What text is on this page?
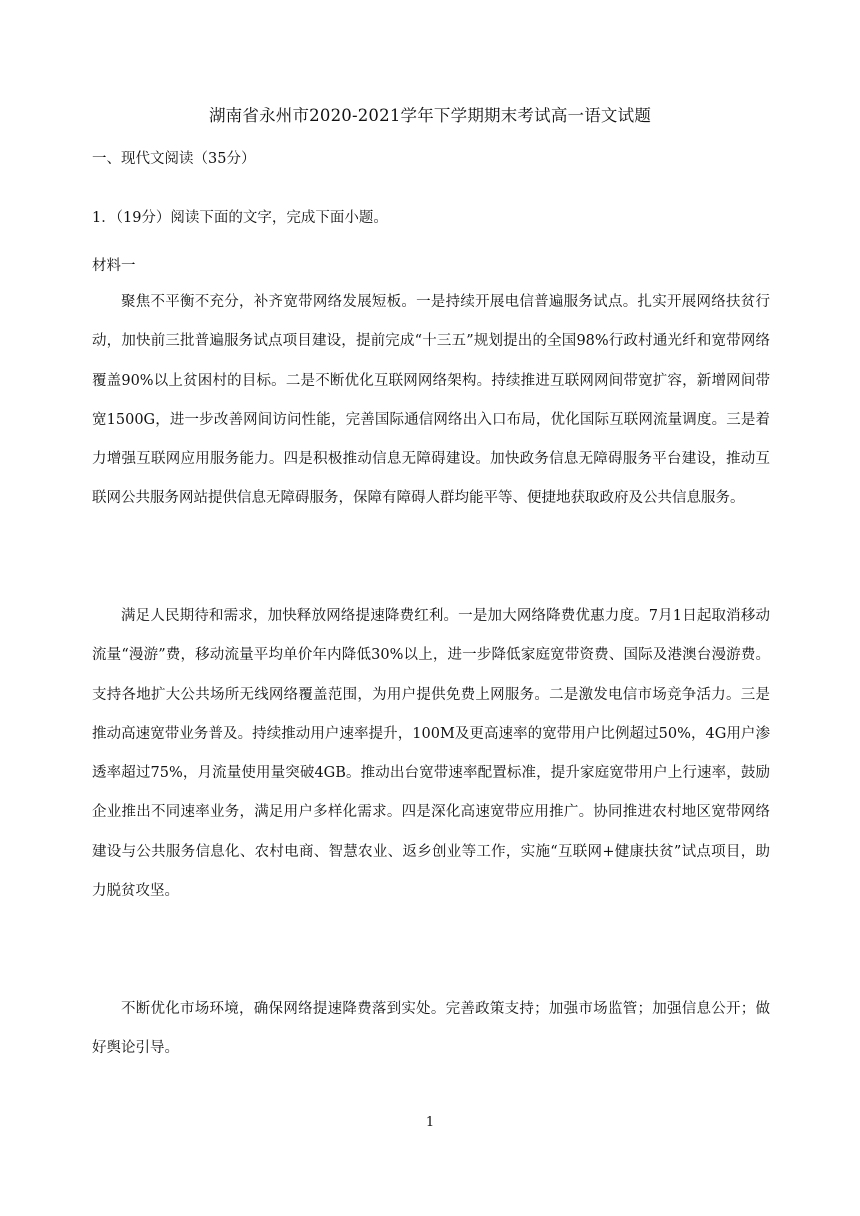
湖南省永州市2020-2021学年下学期期末考试高一语文试题
一、现代文阅读（35分）
1．（19分）阅读下面的文字，完成下面小题。
材料一

聚焦不平衡不充分，补齐宽带网络发展短板。一是持续开展电信普遍服务试点。扎实开展网络扶贫行动，加快前三批普遍服务试点项目建设，提前完成“十三五”规划提出的全国98%行政村通光纤和宽带网络覆盖90%以上贫困村的目标。二是不断优化互联网网络架构。持续推进互联网网间带宽扩容，新增网间带宽1500G，进一步改善网间访问性能，完善国际通信网络出入口布局，优化国际互联网流量调度。三是着力增强互联网应用服务能力。四是积极推动信息无障碍建设。加快政务信息无障碍服务平台建设，推动互联网公共服务网站提供信息无障碍服务，保障有障碍人群均能平等、便捷地获取政府及公共信息服务。

满足人民期待和需求，加快释放网络提速降费红利。一是加大网络降费优惠力度。7月1日起取消移动流量“漫游”费，移动流量平均单价年内降低30%以上，进一步降低家庭宽带资费、国际及港澳台漫游费。支持各地扩大公共场所无线网络覆盖范围，为用户提供免费上网服务。二是激发电信市场竞争活力。三是推动高速宽带业务普及。持续推动用户速率提升，100M及更高速率的宽带用户比例超过50%，4G用户渗透率超过75%，月流量使用量突破4GB。推动出台宽带速率配置标准，提升家庭宽带用户上行速率，鼓励企业推出不同速率业务，满足用户多样化需求。四是深化高速宽带应用推广。协同推进农村地区宽带网络建设与公共服务信息化、农村电商、智慧农业、返乡创业等工作，实施“互联网+健康扶贫”试点项目，助力脱贫攻坚。

不断优化市场环境，确保网络提速降费落到实处。完善政策支持；加强市场监管；加强信息公开；做好舆论引导。

1
